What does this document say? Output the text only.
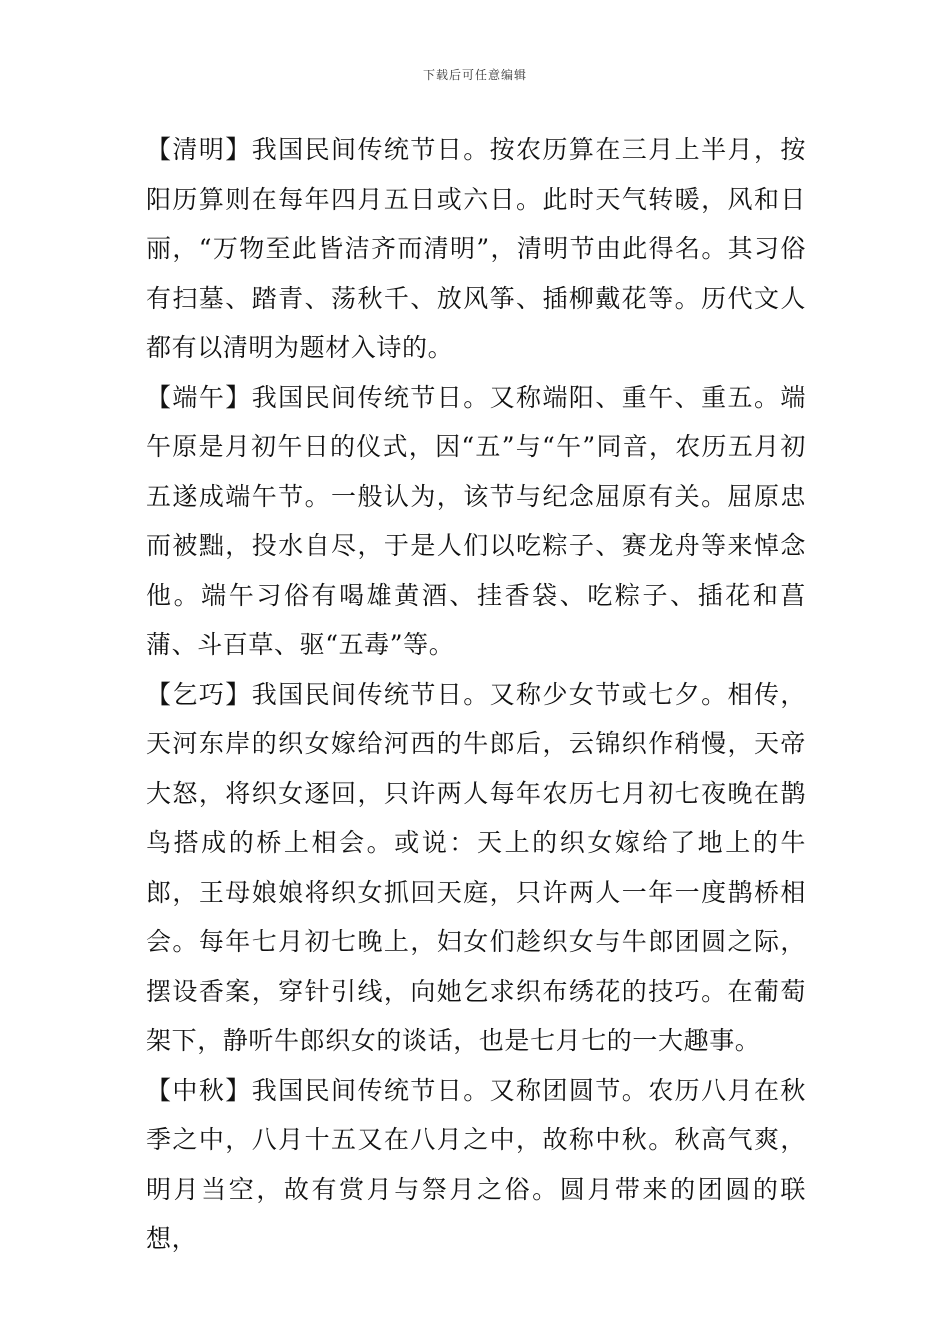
下载后可任意编辑

【清明】我国民间传统节日。按农历算在三月上半月，按阳历算则在每年四月五日或六日。此时天气转暖，风和日丽，“万物至此皆洁齐而清明”，清明节由此得名。其习俗有扫墓、踏青、荡秋千、放风筝、插柳戴花等。历代文人都有以清明为题材入诗的。

【端午】我国民间传统节日。又称端阳、重午、重五。端午原是月初午日的仪式，因“五”与“午”同音，农历五月初五遂成端午节。一般认为，该节与纪念屈原有关。屈原忠而被黜，投水自尽，于是人们以吃粽子、赛龙舟等来悼念他。端午习俗有喝雄黄酒、挂香袋、吃粽子、插花和菖蒲、斗百草、驱“五毒”等。

【乞巧】我国民间传统节日。又称少女节或七夕。相传，天河东岸的织女嫁给河西的牛郎后，云锦织作稍慢，天帝大怒，将织女逐回，只许两人每年农历七月初七夜晚在鹊鸟搭成的桥上相会。或说：天上的织女嫁给了地上的牛郎，王母娘娘将织女抓回天庭，只许两人一年一度鹊桥相会。每年七月初七晚上，妇女们趁织女与牛郎团圆之际，摆设香案，穿针引线，向她乞求织布绣花的技巧。在葡萄架下，静听牛郎织女的谈话，也是七月七的一大趣事。

【中秋】我国民间传统节日。又称团圆节。农历八月在秋季之中，八月十五又在八月之中，故称中秋。秋高气爽，明月当空，故有赏月与祭月之俗。圆月带来的团圆的联想，
